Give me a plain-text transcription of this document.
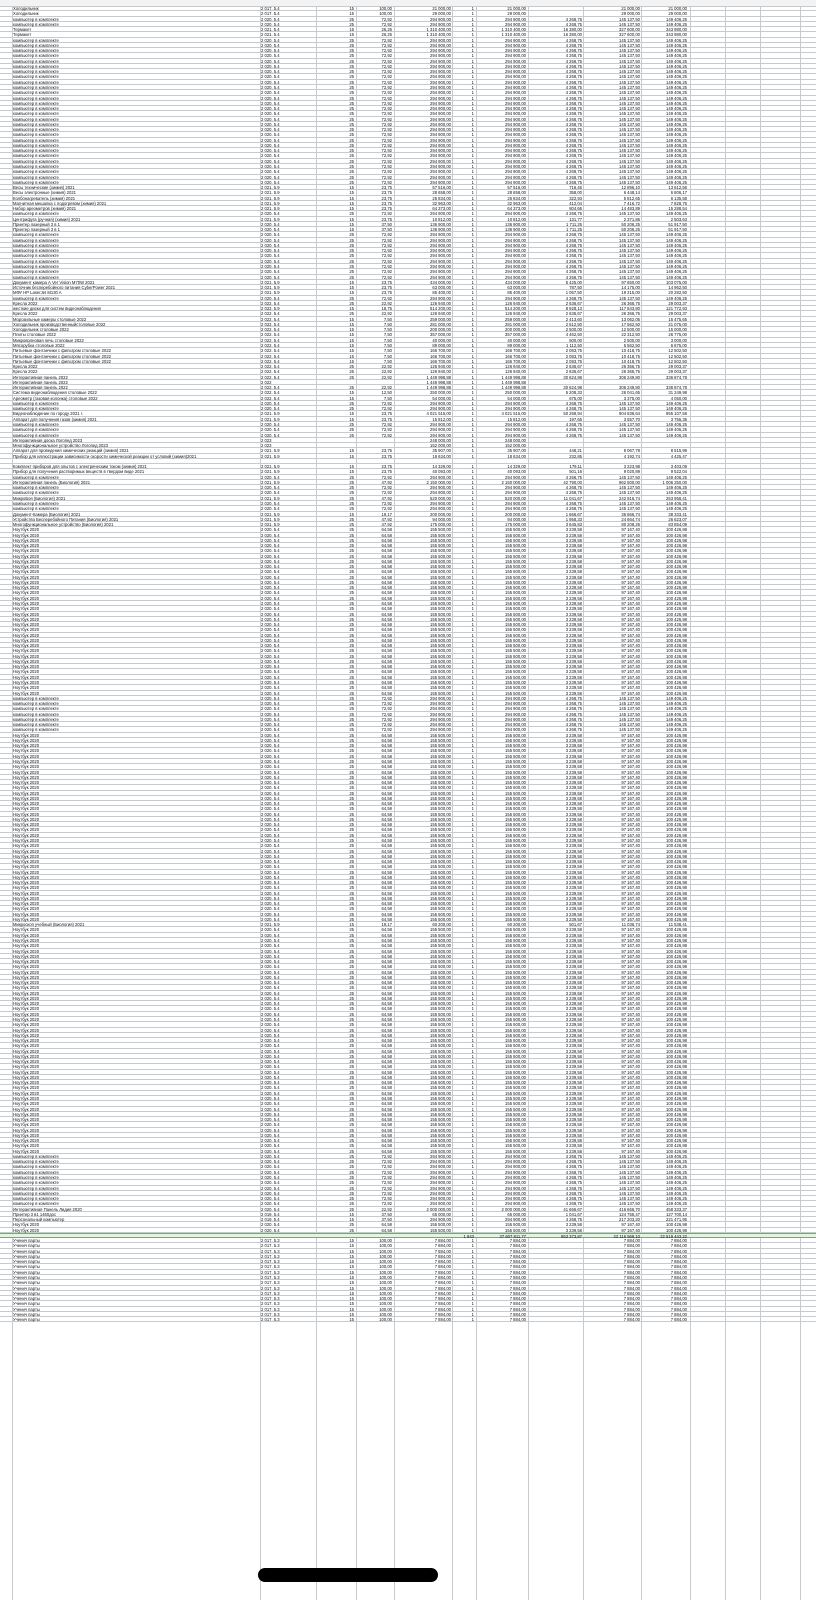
Холодильник	2 017. 5.4	15	100,00	21 000,00	1	21 000,00	21 000,00	21 000,00
Холодильник	2 017. 5.4	15	100,00	29 000,00	1	29 000,00	29 000,00	29 000,00
компьютер в комплекте	2 020. 5.4	25	72,92	294 900,00	1	294 900,00	4 268,75	145 137,50	149 406,25
компьютер в комплекте	2 020. 5.4	25	72,92	294 900,00	1	294 900,00	4 268,75	145 137,50	149 406,25
Термакет	2 021. 5.4	15	26,25	1 310 400,00	1	1 310 400,00	16 380,00	327 600,00	343 980,00
Термакет	2 021. 5.4	15	26,25	1 310 400,00	1	1 310 400,00	16 380,00	327 600,00	343 980,00
компьютер в комплекте	2 020. 5.4	25	72,92	294 900,00	1	294 900,00	4 268,75	145 137,50	149 406,25
компьютер в комплекте	2 020. 5.4	25	72,92	294 900,00	1	294 900,00	4 268,75	145 137,50	149 406,25
компьютер в комплекте	2 020. 5.4	25	72,92	294 900,00	1	294 900,00	4 268,75	145 137,50	149 406,25
компьютер в комплекте	2 020. 5.4	25	72,92	294 900,00	1	294 900,00	4 268,75	145 137,50	149 406,25
компьютер в комплекте	2 020. 5.4	25	72,92	294 900,00	1	294 900,00	4 268,75	145 137,50	149 406,25
компьютер в комплекте	2 020. 5.4	25	72,92	294 900,00	1	294 900,00	4 268,75	145 137,50	149 406,25
компьютер в комплекте	2 020. 5.4	25	72,92	294 900,00	1	294 900,00	4 268,75	145 137,50	149 406,25
компьютер в комплекте	2 020. 5.4	25	72,92	294 900,00	1	294 900,00	4 268,75	145 137,50	149 406,25
компьютер в комплекте	2 020. 5.4	25	72,92	294 900,00	1	294 900,00	4 268,75	145 137,50	149 406,25
компьютер в комплекте	2 020. 5.4	25	72,92	294 900,00	1	294 900,00	4 268,75	145 137,50	149 406,25
компьютер в комплекте	2 020. 5.4	25	72,92	294 900,00	1	294 900,00	4 268,75	145 137,50	149 406,25
компьютер в комплекте	2 020. 5.4	25	72,92	294 900,00	1	294 900,00	4 268,75	145 137,50	149 406,25
компьютер в комплекте	2 020. 5.4	25	72,92	294 900,00	1	294 900,00	4 268,75	145 137,50	149 406,25
компьютер в комплекте	2 020. 5.4	25	72,92	294 900,00	1	294 900,00	4 268,75	145 137,50	149 406,25
компьютер в комплекте	2 020. 5.4	25	72,92	294 900,00	1	294 900,00	4 268,75	145 137,50	149 406,25
компьютер в комплекте	2 020. 5.4	25	72,92	294 900,00	1	294 900,00	4 268,75	145 137,50	149 406,25
компьютер в комплекте	2 020. 5.4	25	72,92	294 900,00	1	294 900,00	4 268,75	145 137,50	149 406,25
компьютер в комплекте	2 020. 5.4	25	72,92	294 900,00	1	294 900,00	4 268,75	145 137,50	149 406,25
компьютер в комплекте	2 020. 5.4	25	72,92	294 900,00	1	294 900,00	4 268,75	145 137,50	149 406,25
компьютер в комплекте	2 020. 5.4	25	72,92	294 900,00	1	294 900,00	4 268,75	145 137,50	149 406,25
компьютер в комплекте	2 020. 5.4	25	72,92	294 900,00	1	294 900,00	4 268,75	145 137,50	149 406,25
компьютер в комплекте	2 020. 5.4	25	72,92	294 900,00	1	294 900,00	4 268,75	145 137,50	149 406,25
компьютер в комплекте	2 020. 5.4	25	72,92	294 900,00	1	294 900,00	4 268,75	145 137,50	149 406,25
компьютер в комплекте	2 020. 5.4	25	72,92	294 900,00	1	294 900,00	4 268,75	145 137,50	149 406,25
компьютер в комплекте	2 020. 5.4	25	72,92	294 900,00	1	294 900,00	4 268,75	145 137,50	149 406,25
компьютер в комплекте	2 020. 5.4	25	72,92	294 900,00	1	294 900,00	4 268,75	145 137,50	149 406,25
компьютер в комплекте	2 020. 5.4	25	72,92	294 900,00	1	294 900,00	4 268,75	145 137,50	149 406,25
компьютер в комплекте	2 020. 5.4	25	72,92	294 900,00	1	294 900,00	4 268,75	145 137,50	149 406,25
Весы технические (химия) 2021	2 021. 5.9	15	23,75	57 516,00	1	57 516,00	716,46	12 896,10	13 612,56
Весы электронные (химия) 2021	2 021. 5.9	15	23,75	28 658,00	1	28 658,00	358,00	6 448,14	6 806,17
Колбонагреватель (химия) 2021	2 021. 5.9	15	23,75	25 834,00	1	25 834,00	322,93	5 812,65	6 135,58
Магнитная мешалка с подогревом (химия) 2021	2 021. 5.9	15	23,75	32 963,00	1	32 963,00	412,04	7 416,72	7 828,76
Набор ареометров (химия) 2021	2 021. 5.9	15	23,75	64 373,00	1	64 373,00	804,66	14 483,89	15 288,54
компьютер в комплекте	2 020. 5.4	25	72,92	294 900,00	1	294 900,00	4 268,75	145 137,50	149 406,25
Центрифуга (ручная) (химия) 2021	2 021. 5.9	15	23,75	10 812,00	1	10 812,00	131,77	2 371,86	2 503,63
Принтер лазерный 3 в 1	2 020. 5.4	15	37,50	136 900,00	1	136 900,00	1 711,25	50 206,25	51 917,50
Принтер лазерный 3 в 1	2 020. 5.4	15	37,50	136 900,00	1	136 900,00	1 711,25	50 206,25	51 917,50
компьютер в комплекте	2 020. 5.4	25	72,92	294 900,00	1	294 900,00	4 268,75	145 137,50	149 406,25
компьютер в комплекте	2 020. 5.4	25	72,92	294 900,00	1	294 900,00	4 268,75	145 137,50	149 406,25
компьютер в комплекте	2 020. 5.4	25	72,92	294 900,00	1	294 900,00	4 268,75	145 137,50	149 406,25
компьютер в комплекте	2 020. 5.4	25	72,92	294 900,00	1	294 900,00	4 268,75	145 137,50	149 406,25
компьютер в комплекте	2 020. 5.4	25	72,92	294 900,00	1	294 900,00	4 268,75	145 137,50	149 406,25
компьютер в комплекте	2 020. 5.4	25	72,92	294 900,00	1	294 900,00	4 268,75	145 137,50	149 406,25
компьютер в комплекте	2 020. 5.4	25	72,92	294 900,00	1	294 900,00	4 268,75	145 137,50	149 406,25
компьютер в комплекте	2 020. 5.4	25	72,92	294 900,00	1	294 900,00	4 268,75	145 137,50	149 406,25
компьютер в комплекте	2 020. 5.4	25	72,92	294 900,00	1	294 900,00	4 268,75	145 137,50	149 406,25
Документ камера А Ver Vision M70W 2021	2 021. 5.9	15	23,75	434 000,00	1	434 000,00	5 425,00	97 650,00	103 075,00
Источник бесперебойного питания CyberPower 2021	2 021. 5.9	15	23,75	63 000,00	1	63 000,00	787,50	14 175,00	14 962,50
МФУ HP LaserJet M130 A	2 021. 5.9	15	23,75	85 400,00	1	85 400,00	1 067,50	19 215,00	20 282,50
компьютер в комплекте	2 020. 5.4	25	72,92	294 900,00	1	294 900,00	4 268,75	145 137,50	149 406,25
Кресла 2022	2 022. 5.4	25	22,92	126 940,00	1	126 940,00	2 636,67	26 366,75	29 003,37
жесткие диски для систем видеонаблюдения	2 022. 5.9	15	18,75	514 200,00	1	514 200,00	8 928,13	117 843,80	121 772,93
Кресла 2022	2 022. 5.4	25	22,92	126 940,00	1	126 940,00	2 636,67	26 366,75	29 003,37
Морозильные камеры столовые 2022	2 022. 5.4	15	7,50	259 000,00	1	259 000,00	2 413,60	13 062,05	15 475,65
Холодильник производственныйстоловые 2022	2 022. 5.4	15	7,50	281 000,00	1	281 000,00	2 512,50	17 562,50	21 075,00
Холодильник столовые 2022	2 022. 5.4	15	7,50	200 000,00	1	200 000,00	2 500,00	12 500,00	15 000,00
Плиты столовые 2022	2 022. 5.4	15	7,50	357 000,00	1	357 000,00	4 462,50	22 312,50	26 775,00
Микроволновая печь столовые 2022	2 022. 5.4	15	7,50	40 000,00	1	40 000,00	500,00	2 500,00	3 000,00
Мясорубка столовые 2022	2 022. 5.4	15	7,50	89 000,00	1	89 000,00	1 112,50	5 562,50	6 675,00
Питьевые фонтанчики с фильтром столовые 2022	2 022. 5.4	15	7,50	166 700,00	1	166 700,00	2 083,75	10 418,75	12 502,50
Питьевые фонтанчики с фильтром столовые 2022	2 022. 5.4	15	7,50	166 700,00	1	166 700,00	2 083,75	10 418,75	12 502,50
Питьевые фонтанчики с фильтром столовые 2022	2 022. 5.4	15	7,50	166 700,00	1	166 700,00	2 083,75	10 418,75	12 502,50
Кресла 2022	2 022. 5.4	25	22,92	126 940,00	1	126 940,00	2 636,67	26 366,75	29 003,37
Кресла 2022	2 022. 5.4	25	22,92	126 940,00	1	126 940,00	2 636,67	26 366,75	29 003,37
Интерактивная панель 2022	2 022. 5.4	25	22,92	1 449 998,88	1	1 449 998,88	30 624,98	306 249,80	336 874,78
Интерактивная панель 2022	2 022	1 449 998,88	1	1 449 998,88
Интерактивная панель 2022	2 022. 5.4	25	22,92	1 449 998,88	1	1 449 998,88	30 624,98	306 249,80	336 874,78
Система видеонаблюдения столовые 2022	2 022. 5.4	15	12,50	250 000,00	1	250 000,00	5 208,33	26 041,65	31 249,98
Ареометр (газовая колонка) столовые 2022	2 022. 5.4	15	7,50	54 000,00	1	54 000,00	675,00	3 375,00	4 050,00
компьютер в комплекте	2 020. 5.4	25	72,92	294 900,00	1	294 900,00	4 268,75	145 137,50	149 406,25
компьютер в комплекте	2 020. 5.4	25	72,92	294 900,00	1	294 900,00	4 268,75	145 137,50	149 406,25
Видеонаблюдение по городу 2021 г.	2 021. 5.9	15	23,75	4 021 515,00	1	4 021 515,00	50 268,94	904 838,64	955 107,58
Аппарат для получения газов (химия) 2021	2 021. 5.9	15	23,75	15 812,00	1	15 812,00	197,65	3 557,70	3 755,35
компьютер в комплекте	2 020. 5.4	25	72,92	294 900,00	1	294 900,00	4 268,75	145 137,50	149 406,25
компьютер в комплекте	2 020. 5.4	25	72,92	294 900,00	1	294 900,00	4 268,75	145 137,50	149 406,25
компьютер в комплекте	2 020. 5.4	25	72,92	294 900,00	1	294 900,00	4 268,75	145 137,50	149 406,25
Интерактивная доска Логопед 2023	2 023	248 000,00	1	248 000,00
Многофункциональное устройство Логопед 2023	2 023	152 000,00	1	152 000,00
Аппарат для проведения химических реакций (химия) 2021	2 021. 5.9	15	23,75	35 907,00	1	35 907,00	448,21	8 067,78	8 515,99
Прибор для иллюстрации зависимости скорости химической реакции от условий (химия)2021	2 021. 5.9	15	23,75	18 634,00	1	18 634,00	232,85	4 192,74	4 425,47
Комплект приборов для опытов с электрическим током (химия) 2021	2 021. 5.9	15	23,75	14 329,00	1	14 329,00	179,11	3 223,98	3 403,09
Прибор для получения растворимых веществ в твердом виде 2021	2 021. 5.9	15	23,75	40 093,00	1	40 093,00	501,16	9 020,89	9 522,04
компьютер в комплекте	2 020. 5.4	25	72,92	294 900,00	1	294 900,00	4 268,75	145 137,50	149 406,25
Интерактивная панель (Биология) 2021	2 021. 5.9	25	47,92	2 150 000,00	1	2 150 000,00	42 790,00	962 500,00	1 006 250,00
компьютер в комплекте	2 020. 5.4	25	72,92	294 900,00	1	294 900,00	4 268,75	145 137,50	149 406,25
компьютер в комплекте	2 020. 5.4	25	72,92	294 900,00	1	294 900,00	4 268,75	145 137,50	149 406,25
МикроБоя (Биология) 2021	2 021. 5.9	25	47,92	520 000,00	1	520 000,00	11 041,67	242 916,74	253 958,41
компьютер в комплекте	2 020. 5.4	25	72,92	294 900,00	1	294 900,00	4 268,75	145 137,50	149 406,25
компьютер в комплекте	2 020. 5.4	25	72,92	294 900,00	1	294 900,00	4 268,75	145 137,50	149 406,25
Документ-Камера (Биология) 2021	2 021. 5.9	15	19,17	200 000,00	1	200 000,00	1 666,67	36 666,74	38 333,41
Устройство Бесперебойного Питания (Биология) 2021	2 021. 5.9	25	47,92	94 000,00	1	94 000,00	1 958,33	24 664,74	26 623,07
Многофункциональное устройство (Биология) 2021	2 021. 5.9	25	47,92	175 000,00	1	175 000,00	3 645,83	80 208,26	83 854,09
Ноутбук 2020	2 020. 5.4	25	64,58	155 500,00	1	155 500,00	3 239,58	97 167,40	100 426,98
Ноутбук 2020	2 020. 5.4	25	64,58	155 500,00	1	155 500,00	3 239,58	97 167,40	100 426,98
Ноутбук 2020	2 020. 5.4	25	64,58	155 500,00	1	155 500,00	3 239,58	97 167,40	100 426,98
Ноутбук 2020	2 020. 5.4	25	64,58	155 500,00	1	155 500,00	3 239,58	97 167,40	100 426,98
Ноутбук 2020	2 020. 5.4	25	64,58	155 500,00	1	155 500,00	3 239,58	97 167,40	100 426,98
Ноутбук 2020	2 020. 5.4	25	64,58	155 500,00	1	155 500,00	3 239,58	97 167,40	100 426,98
Ноутбук 2020	2 020. 5.4	25	64,58	155 500,00	1	155 500,00	3 239,58	97 167,40	100 426,98
Ноутбук 2020	2 020. 5.4	25	64,58	155 500,00	1	155 500,00	3 239,58	97 167,40	100 426,98
Ноутбук 2020	2 020. 5.4	25	64,58	155 500,00	1	155 500,00	3 239,58	97 167,40	100 426,98
Ноутбук 2020	2 020. 5.4	25	64,58	155 500,00	1	155 500,00	3 239,58	97 167,40	100 426,98
Ноутбук 2020	2 020. 5.4	25	64,58	155 500,00	1	155 500,00	3 239,58	97 167,40	100 426,98
Ноутбук 2020	2 020. 5.4	25	64,58	155 500,00	1	155 500,00	3 239,58	97 167,40	100 426,98
Ноутбук 2020	2 020. 5.4	25	64,58	155 500,00	1	155 500,00	3 239,58	97 167,40	100 426,98
Ноутбук 2020	2 020. 5.4	25	64,58	155 500,00	1	155 500,00	3 239,58	97 167,40	100 426,98
Ноутбук 2020	2 020. 5.4	25	64,58	155 500,00	1	155 500,00	3 239,58	97 167,40	100 426,98
Ноутбук 2020	2 020. 5.4	25	64,58	155 500,00	1	155 500,00	3 239,58	97 167,40	100 426,98
Ноутбук 2020	2 020. 5.4	25	64,58	155 500,00	1	155 500,00	3 239,58	97 167,40	100 426,98
Ноутбук 2020	2 020. 5.4	25	64,58	155 500,00	1	155 500,00	3 239,58	97 167,40	100 426,98
Ноутбук 2020	2 020. 5.4	25	64,58	155 500,00	1	155 500,00	3 239,58	97 167,40	100 426,98
Ноутбук 2020	2 020. 5.4	25	64,58	155 500,00	1	155 500,00	3 239,58	97 167,40	100 426,98
Ноутбук 2020	2 020. 5.4	25	64,58	155 500,00	1	155 500,00	3 239,58	97 167,40	100 426,98
Ноутбук 2020	2 020. 5.4	25	64,58	155 500,00	1	155 500,00	3 239,58	97 167,40	100 426,98
Ноутбук 2020	2 020. 5.4	25	64,58	155 500,00	1	155 500,00	3 239,58	97 167,40	100 426,98
Ноутбук 2020	2 020. 5.4	25	64,58	155 500,00	1	155 500,00	3 239,58	97 167,40	100 426,98
Ноутбук 2020	2 020. 5.4	25	64,58	155 500,00	1	155 500,00	3 239,58	97 167,40	100 426,98
Ноутбук 2020	2 020. 5.4	25	64,58	155 500,00	1	155 500,00	3 239,58	97 167,40	100 426,98
Ноутбук 2020	2 020. 5.4	25	64,58	155 500,00	1	155 500,00	3 239,58	97 167,40	100 426,98
Ноутбук 2020	2 020. 5.4	25	64,58	155 500,00	1	155 500,00	3 239,58	97 167,40	100 426,98
Ноутбук 2020	2 020. 5.4	25	64,58	155 500,00	1	155 500,00	3 239,58	97 167,40	100 426,98
Ноутбук 2020	2 020. 5.4	25	64,58	155 500,00	1	155 500,00	3 239,58	97 167,40	100 426,98
Ноутбук 2020	2 020. 5.4	25	64,58	155 500,00	1	155 500,00	3 239,58	97 167,40	100 426,98
Ноутбук 2020	2 020. 5.4	25	64,58	155 500,00	1	155 500,00	3 239,58	97 167,40	100 426,98
компьютер в комплекте	2 020. 5.4	25	72,92	294 900,00	1	294 900,00	4 268,75	145 137,50	149 406,25
компьютер в комплекте	2 020. 5.4	25	72,92	294 900,00	1	294 900,00	4 268,75	145 137,50	149 406,25
компьютер в комплекте	2 020. 5.4	25	72,92	294 900,00	1	294 900,00	4 268,75	145 137,50	149 406,25
компьютер в комплекте	2 020. 5.4	25	72,92	294 900,00	1	294 900,00	4 268,75	145 137,50	149 406,25
компьютер в комплекте	2 020. 5.4	25	72,92	294 900,00	1	294 900,00	4 268,75	145 137,50	149 406,25
компьютер в комплекте	2 020. 5.4	25	72,92	294 900,00	1	294 900,00	4 268,75	145 137,50	149 406,25
компьютер в комплекте	2 020. 5.4	25	72,92	294 900,00	1	294 900,00	4 268,75	145 137,50	149 406,25
Ноутбук 2020	2 020. 5.4	25	64,58	155 500,00	1	155 500,00	3 239,58	97 167,40	100 426,98
Ноутбук 2020	2 020. 5.4	25	64,58	155 500,00	1	155 500,00	3 239,58	97 167,40	100 426,98
Ноутбук 2020	2 020. 5.4	25	64,58	155 500,00	1	155 500,00	3 239,58	97 167,40	100 426,98
Ноутбук 2020	2 020. 5.4	25	64,58	155 500,00	1	155 500,00	3 239,58	97 167,40	100 426,98
Ноутбук 2020	2 020. 5.4	25	64,58	155 500,00	1	155 500,00	3 239,58	97 167,40	100 426,98
Ноутбук 2020	2 020. 5.4	25	64,58	155 500,00	1	155 500,00	3 239,58	97 167,40	100 426,98
Ноутбук 2020	2 020. 5.4	25	64,58	155 500,00	1	155 500,00	3 239,58	97 167,40	100 426,98
Ноутбук 2020	2 020. 5.4	25	64,58	155 500,00	1	155 500,00	3 239,58	97 167,40	100 426,98
Ноутбук 2020	2 020. 5.4	25	64,58	155 500,00	1	155 500,00	3 239,58	97 167,40	100 426,98
Ноутбук 2020	2 020. 5.4	25	64,58	155 500,00	1	155 500,00	3 239,58	97 167,40	100 426,98
Ноутбук 2020	2 020. 5.4	25	64,58	155 500,00	1	155 500,00	3 239,58	97 167,40	100 426,98
Ноутбук 2020	2 020. 5.4	25	64,58	155 500,00	1	155 500,00	3 239,58	97 167,40	100 426,98
Ноутбук 2020	2 020. 5.4	25	64,58	155 500,00	1	155 500,00	3 239,58	97 167,40	100 426,98
Ноутбук 2020	2 020. 5.4	25	64,58	155 500,00	1	155 500,00	3 239,58	97 167,40	100 426,98
Ноутбук 2020	2 020. 5.4	25	64,58	155 500,00	1	155 500,00	3 239,58	97 167,40	100 426,98
Ноутбук 2020	2 020. 5.4	25	64,58	155 500,00	1	155 500,00	3 239,58	97 167,40	100 426,98
Ноутбук 2020	2 020. 5.4	25	64,58	155 500,00	1	155 500,00	3 239,58	97 167,40	100 426,98
Ноутбук 2020	2 020. 5.4	25	64,58	155 500,00	1	155 500,00	3 239,58	97 167,40	100 426,98
Ноутбук 2020	2 020. 5.4	25	64,58	155 500,00	1	155 500,00	3 239,58	97 167,40	100 426,98
Ноутбук 2020	2 020. 5.4	25	64,58	155 500,00	1	155 500,00	3 239,58	97 167,40	100 426,98
Ноутбук 2020	2 020. 5.4	25	64,58	155 500,00	1	155 500,00	3 239,58	97 167,40	100 426,98
Ноутбук 2020	2 020. 5.4	25	64,58	155 500,00	1	155 500,00	3 239,58	97 167,40	100 426,98
Ноутбук 2020	2 020. 5.4	25	64,58	155 500,00	1	155 500,00	3 239,58	97 167,40	100 426,98
Ноутбук 2020	2 020. 5.4	25	64,58	155 500,00	1	155 500,00	3 239,58	97 167,40	100 426,98
Ноутбук 2020	2 020. 5.4	25	64,58	155 500,00	1	155 500,00	3 239,58	97 167,40	100 426,98
Ноутбук 2020	2 020. 5.4	25	64,58	155 500,00	1	155 500,00	3 239,58	97 167,40	100 426,98
Ноутбук 2020	2 020. 5.4	25	64,58	155 500,00	1	155 500,00	3 239,58	97 167,40	100 426,98
Ноутбук 2020	2 020. 5.4	25	64,58	155 500,00	1	155 500,00	3 239,58	97 167,40	100 426,98
Ноутбук 2020	2 020. 5.4	25	64,58	155 500,00	1	155 500,00	3 239,58	97 167,40	100 426,98
Ноутбук 2020	2 020. 5.4	25	64,58	155 500,00	1	155 500,00	3 239,58	97 167,40	100 426,98
Ноутбук 2020	2 020. 5.4	25	64,58	155 500,00	1	155 500,00	3 239,58	97 167,40	100 426,98
Ноутбук 2020	2 020. 5.4	25	64,58	155 500,00	1	155 500,00	3 239,58	97 167,40	100 426,98
Ноутбук 2020	2 020. 5.4	25	64,58	155 500,00	1	155 500,00	3 239,58	97 167,40	100 426,98
Ноутбук 2020	2 020. 5.4	25	64,58	155 500,00	1	155 500,00	3 239,58	97 167,40	100 426,98
Ноутбук 2020	2 020. 5.4	25	64,58	155 500,00	1	155 500,00	3 239,58	97 167,40	100 426,98
Ноутбук 2020	2 020. 5.4	25	64,58	155 500,00	1	155 500,00	3 239,58	97 167,40	100 426,98
Микроскоп учебный (Биология) 2021	2 021. 5.9	15	19,17	60 200,00	1	60 200,00	501,67	11 036,74	11 538,41
Ноутбук 2020	2 020. 5.4	25	64,58	155 500,00	1	155 500,00	3 239,58	97 167,40	100 426,98
Ноутбук 2020	2 020. 5.4	25	64,58	155 500,00	1	155 500,00	3 239,58	97 167,40	100 426,98
Ноутбук 2020	2 020. 5.4	25	64,58	155 500,00	1	155 500,00	3 239,58	97 167,40	100 426,98
Ноутбук 2020	2 020. 5.4	25	64,58	155 500,00	1	155 500,00	3 239,58	97 167,40	100 426,98
Ноутбук 2020	2 020. 5.4	25	64,58	155 500,00	1	155 500,00	3 239,58	97 167,40	100 426,98
Ноутбук 2020	2 020. 5.4	25	64,58	155 500,00	1	155 500,00	3 239,58	97 167,40	100 426,98
Ноутбук 2020	2 020. 5.4	25	64,58	155 500,00	1	155 500,00	3 239,58	97 167,40	100 426,98
Ноутбук 2020	2 020. 5.4	25	64,58	155 500,00	1	155 500,00	3 239,58	97 167,40	100 426,98
Ноутбук 2020	2 020. 5.4	25	64,58	155 500,00	1	155 500,00	3 239,58	97 167,40	100 426,98
Ноутбук 2020	2 020. 5.4	25	64,58	155 500,00	1	155 500,00	3 239,58	97 167,40	100 426,98
Ноутбук 2020	2 020. 5.4	25	64,58	155 500,00	1	155 500,00	3 239,58	97 167,40	100 426,98
Ноутбук 2020	2 020. 5.4	25	64,58	155 500,00	1	155 500,00	3 239,58	97 167,40	100 426,98
Ноутбук 2020	2 020. 5.4	25	64,58	155 500,00	1	155 500,00	3 239,58	97 167,40	100 426,98
Ноутбук 2020	2 020. 5.4	25	64,58	155 500,00	1	155 500,00	3 239,58	97 167,40	100 426,98
Ноутбук 2020	2 020. 5.4	25	64,58	155 500,00	1	155 500,00	3 239,58	97 167,40	100 426,98
Ноутбук 2020	2 020. 5.4	25	64,58	155 500,00	1	155 500,00	3 239,58	97 167,40	100 426,98
Ноутбук 2020	2 020. 5.4	25	64,58	155 500,00	1	155 500,00	3 239,58	97 167,40	100 426,98
Ноутбук 2020	2 020. 5.4	25	64,58	155 500,00	1	155 500,00	3 239,58	97 167,40	100 426,98
Ноутбук 2020	2 020. 5.4	25	64,58	155 500,00	1	155 500,00	3 239,58	97 167,40	100 426,98
Ноутбук 2020	2 020. 5.4	25	64,58	155 500,00	1	155 500,00	3 239,58	97 167,40	100 426,98
Ноутбук 2020	2 020. 5.4	25	64,58	155 500,00	1	155 500,00	3 239,58	97 167,40	100 426,98
Ноутбук 2020	2 020. 5.4	25	64,58	155 500,00	1	155 500,00	3 239,58	97 167,40	100 426,98
Ноутбук 2020	2 020. 5.4	25	64,58	155 500,00	1	155 500,00	3 239,58	97 167,40	100 426,98
Ноутбук 2020	2 020. 5.4	25	64,58	155 500,00	1	155 500,00	3 239,58	97 167,40	100 426,98
Ноутбук 2020	2 020. 5.4	25	64,58	155 500,00	1	155 500,00	3 239,58	97 167,40	100 426,98
Ноутбук 2020	2 020. 5.4	25	64,58	155 500,00	1	155 500,00	3 239,58	97 167,40	100 426,98
Ноутбук 2020	2 020. 5.4	25	64,58	155 500,00	1	155 500,00	3 239,58	97 167,40	100 426,98
Ноутбук 2020	2 020. 5.4	25	64,58	155 500,00	1	155 500,00	3 239,58	97 167,40	100 426,98
Ноутбук 2020	2 020. 5.4	25	64,58	155 500,00	1	155 500,00	3 239,58	97 167,40	100 426,98
Ноутбук 2020	2 020. 5.4	25	64,58	155 500,00	1	155 500,00	3 239,58	97 167,40	100 426,98
Ноутбук 2020	2 020. 5.4	25	64,58	155 500,00	1	155 500,00	3 239,58	97 167,40	100 426,98
Ноутбук 2020	2 020. 5.4	25	64,58	155 500,00	1	155 500,00	3 239,58	97 167,40	100 426,98
Ноутбук 2020	2 020. 5.4	25	64,58	155 500,00	1	155 500,00	3 239,58	97 167,40	100 426,98
Ноутбук 2020	2 020. 5.4	25	64,58	155 500,00	1	155 500,00	3 239,58	97 167,40	100 426,98
Ноутбук 2020	2 020. 5.4	25	64,58	155 500,00	1	155 500,00	3 239,58	97 167,40	100 426,98
Ноутбук 2020	2 020. 5.4	25	64,58	155 500,00	1	155 500,00	3 239,58	97 167,40	100 426,98
Ноутбук 2020	2 020. 5.4	25	64,58	155 500,00	1	155 500,00	3 239,58	97 167,40	100 426,98
Ноутбук 2020	2 020. 5.4	25	64,58	155 500,00	1	155 500,00	3 239,58	97 167,40	100 426,98
Ноутбук 2020	2 020. 5.4	25	64,58	155 500,00	1	155 500,00	3 239,58	97 167,40	100 426,98
Ноутбук 2020	2 020. 5.4	25	64,58	155 500,00	1	155 500,00	3 239,58	97 167,40	100 426,98
Ноутбук 2020	2 020. 5.4	25	64,58	155 500,00	1	155 500,00	3 239,58	97 167,40	100 426,98
Ноутбук 2020	2 020. 5.4	25	64,58	155 500,00	1	155 500,00	3 239,58	97 167,40	100 426,98
Ноутбук 2020	2 020. 5.4	25	64,58	155 500,00	1	155 500,00	3 239,58	97 167,40	100 426,98
компьютер в комплекте	2 020. 5.4	25	72,92	294 900,00	1	294 900,00	4 268,75	145 137,50	149 406,25
компьютер в комплекте	2 020. 5.4	25	72,92	294 900,00	1	294 900,00	4 268,75	145 137,50	149 406,25
компьютер в комплекте	2 020. 5.4	25	72,92	294 900,00	1	294 900,00	4 268,75	145 137,50	149 406,25
компьютер в комплекте	2 020. 5.4	25	72,92	294 900,00	1	294 900,00	4 268,75	145 137,50	149 406,25
компьютер в комплекте	2 020. 5.4	25	72,92	294 900,00	1	294 900,00	4 268,75	145 137,50	149 406,25
компьютер в комплекте	2 020. 5.4	25	72,92	294 900,00	1	294 900,00	4 268,75	145 137,50	149 406,25
компьютер в комплекте	2 020. 5.4	25	72,92	294 900,00	1	294 900,00	4 268,75	145 137,50	149 406,25
компьютер в комплекте	2 020. 5.4	25	72,92	294 900,00	1	294 900,00	4 268,75	145 137,50	149 406,25
компьютер в комплекте	2 020. 5.4	25	72,92	294 900,00	1	294 900,00	4 268,75	145 137,50	149 406,25
компьютер в комплекте	2 020. 5.4	25	72,92	294 900,00	1	294 900,00	4 268,75	145 137,50	149 406,25
Интерактивная Панель Лидия 2020	2 020. 5.4	25	22,92	2 000 000,00	1	2 000 000,00	41 666,67	416 666,70	458 333,37
Принтер 3 в1 1460дос	2 019. 5.4	15	37,50	65 000,00	1	65 000,00	1 041,67	124 756,47	127 700,14
Персональный компьютер	2 019. 5.4	15	37,50	294 900,00	1	294 900,00	4 268,75	217 203,20	221 471,95
Ноутбук 2020	2 020. 5.4	25	64,58	155 500,00	1	155 500,00	3 239,58	97 167,40	100 426,98
Ноутбук 2020	2 020. 5.4	25	64,58	155 500,00	1	155 500,00	3 239,58	97 167,40	100 426,98
1 843	37 607 811,77	853 373,87	22 116 569,10	22 519 443,22
Ученич парты	2 017. 5.3	15	100,00	7 884,00	1	7 884,00	7 884,00	7 884,00
Ученич парты	2 017. 5.3	15	100,00	7 884,00	1	7 884,00	7 884,00	7 884,00
Ученич парты	2 017. 5.3	15	100,00	7 884,00	1	7 884,00	7 884,00	7 884,00
Ученич парты	2 017. 5.3	15	100,00	7 884,00	1	7 884,00	7 884,00	7 884,00
Ученич парты	2 017. 5.3	15	100,00	7 884,00	1	7 884,00	7 884,00	7 884,00
Ученич парты	2 017. 5.3	15	100,00	7 884,00	1	7 884,00	7 884,00	7 884,00
Ученич парты	2 017. 5.3	15	100,00	7 884,00	1	7 884,00	7 884,00	7 884,00
Ученич парты	2 017. 5.3	15	100,00	7 884,00	1	7 884,00	7 884,00	7 884,00
Ученич парты	2 017. 5.3	15	100,00	7 884,00	1	7 884,00	7 884,00	7 884,00
Ученич парты	2 017. 5.3	15	100,00	7 884,00	1	7 884,00	7 884,00	7 884,00
Ученич парты	2 017. 5.3	15	100,00	7 884,00	1	7 884,00	7 884,00	7 884,00
Ученич парты	2 017. 5.3	15	100,00	7 884,00	1	7 884,00	7 884,00	7 884,00
Ученич парты	2 017. 5.3	15	100,00	7 884,00	1	7 884,00	7 884,00	7 884,00
Ученич парты	2 017. 5.3	15	100,00	7 884,00	1	7 884,00	7 884,00	7 884,00
Ученич парты	2 017. 5.3	15	100,00	7 884,00	1	7 884,00	7 884,00	7 884,00
Ученич парты	2 017. 5.3	15	100,00	7 884,00	1	7 884,00	7 884,00	7 884,00
